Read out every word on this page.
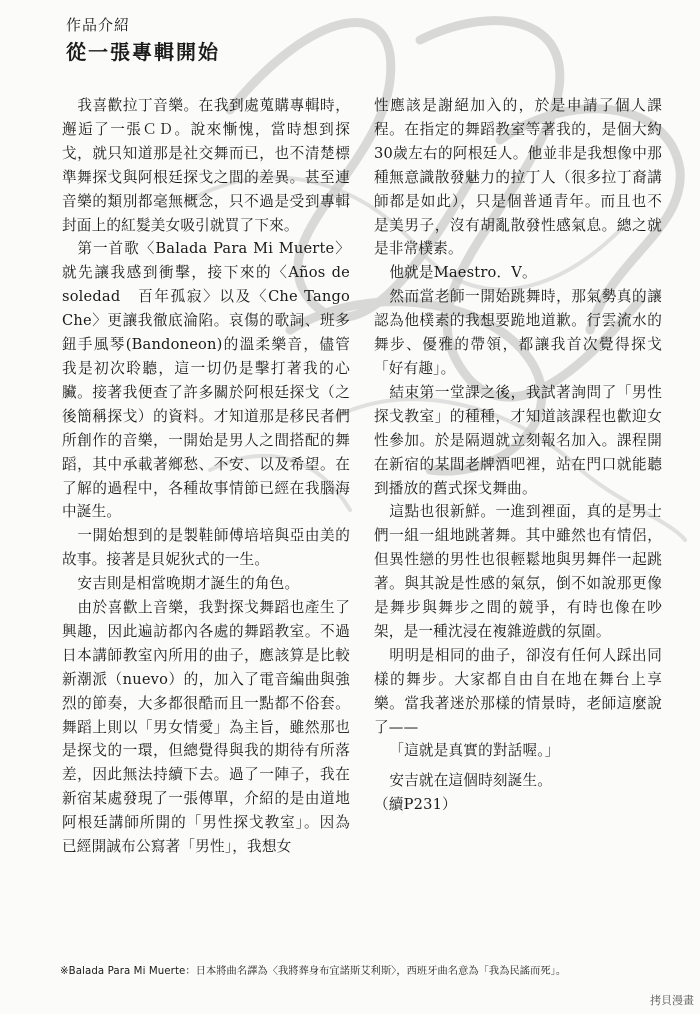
作品介紹
從一張專輯開始

我喜歡拉丁音樂。在我到處蒐購專輯時，邂逅了一張ＣＤ。說來慚愧，當時想到探戈，就只知道那是社交舞而已，也不清楚標準舞探戈與阿根廷探戈之間的差異。甚至連音樂的類別都毫無概念，只不過是受到專輯封面上的紅髮美女吸引就買了下來。

第一首歌〈Balada Para Mi Muerte〉就先讓我感到衝擊，接下來的〈Años de soledad　百年孤寂〉以及〈Che Tango Che〉更讓我徹底淪陷。哀傷的歌詞、班多鈕手風琴(Bandoneon)的溫柔樂音，儘管我是初次聆聽，這一切仍是擊打著我的心臟。接著我便查了許多關於阿根廷探戈（之後簡稱探戈）的資料。才知道那是移民者們所創作的音樂，一開始是男人之間搭配的舞蹈，其中承載著鄉愁、不安、以及希望。在了解的過程中，各種故事情節已經在我腦海中誕生。

一開始想到的是製鞋師傅培培與亞由美的故事。接著是貝妮狄式的一生。

安吉則是相當晚期才誕生的角色。

由於喜歡上音樂，我對探戈舞蹈也產生了興趣，因此遍訪都內各處的舞蹈教室。不過日本講師教室內所用的曲子，應該算是比較新潮派（nuevo）的，加入了電音編曲與強烈的節奏，大多都很酷而且一點都不俗套。舞蹈上則以「男女情愛」為主旨，雖然那也是探戈的一環，但總覺得與我的期待有所落差，因此無法持續下去。過了一陣子，我在新宿某處發現了一張傳單，介紹的是由道地阿根廷講師所開的「男性探戈教室」。因為已經開誠布公寫著「男性」，我想女

性應該是謝絕加入的，於是申請了個人課程。在指定的舞蹈教室等著我的，是個大約30歲左右的阿根廷人。他並非是我想像中那種無意識散發魅力的拉丁人（很多拉丁裔講師都是如此），只是個普通青年。而且也不是美男子，沒有胡亂散發性感氣息。總之就是非常樸素。

他就是Maestro．V。

然而當老師一開始跳舞時，那氣勢真的讓認為他樸素的我想要跪地道歉。行雲流水的舞步、優雅的帶領，都讓我首次覺得探戈「好有趣」。

結束第一堂課之後，我試著詢問了「男性探戈教室」的種種，才知道該課程也歡迎女性參加。於是隔週就立刻報名加入。課程開在新宿的某間老牌酒吧裡，站在門口就能聽到播放的舊式探戈舞曲。

這點也很新鮮。一進到裡面，真的是男士們一組一組地跳著舞。其中雖然也有情侶，但異性戀的男性也很輕鬆地與男舞伴一起跳著。與其說是性感的氣氛，倒不如說那更像是舞步與舞步之間的競爭，有時也像在吵架，是一種沈浸在複雜遊戲的氛圍。

明明是相同的曲子，卻沒有任何人踩出同樣的舞步。大家都自由自在地在舞台上享樂。當我著迷於那樣的情景時，老師這麼說了——

「這就是真實的對話喔。」

安吉就在這個時刻誕生。

（續P231）

※Balada Para Mi Muerte：日本將曲名譯為〈我將葬身布宜諾斯艾利斯〉，西班牙曲名意為「我為民謠而死」。
拷貝漫畫
